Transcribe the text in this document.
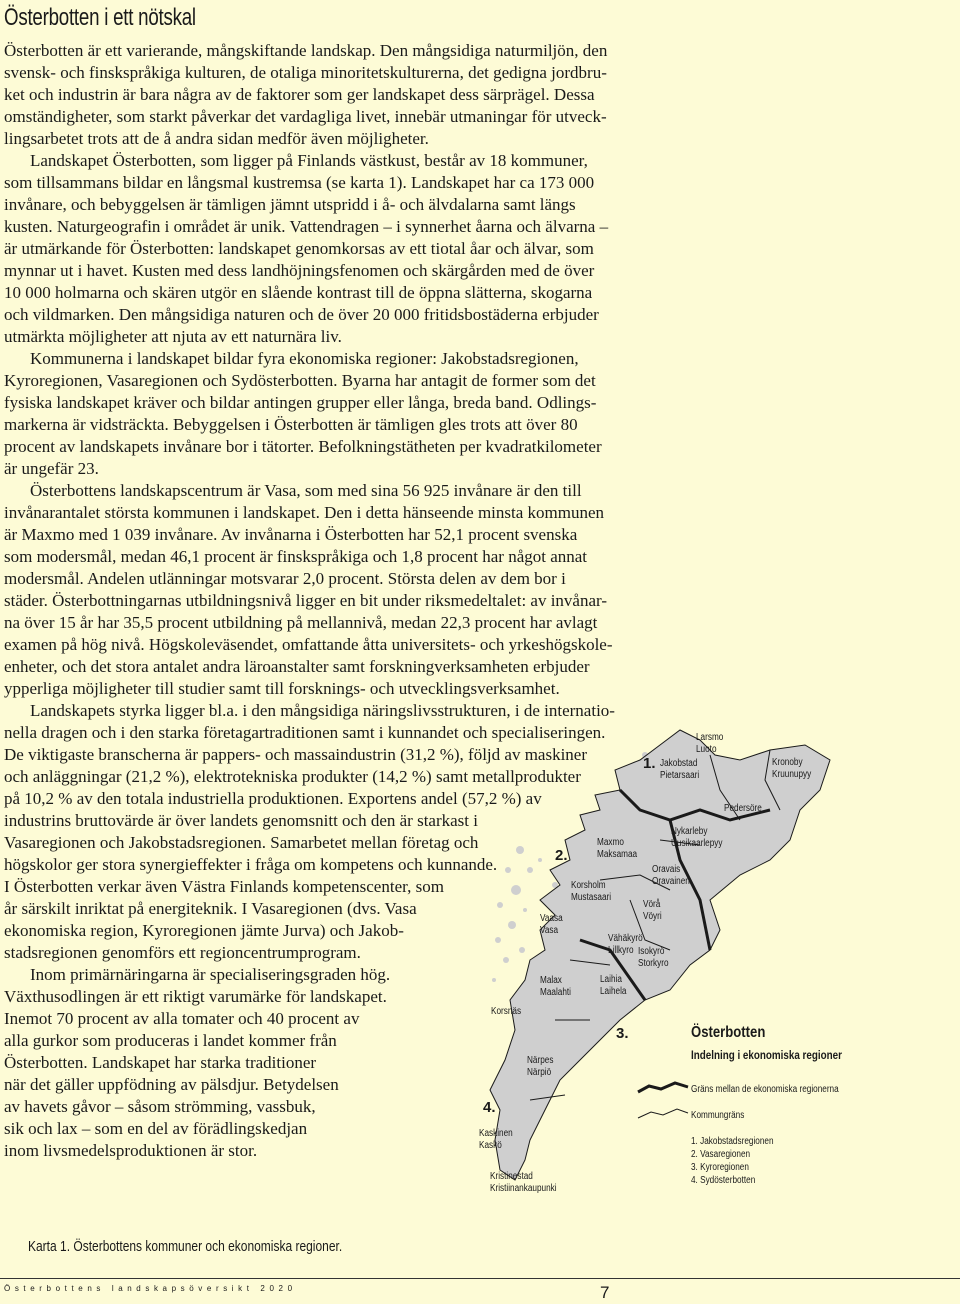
Österbotten i ett nötskal

Österbotten är ett varierande, mångskiftande landskap. Den mångsidiga naturmiljön, den
svensk- och finskspråkiga kulturen, de otaliga minoritetskulturerna, det gedigna jordbru-
ket och industrin är bara några av de faktorer som ger landskapet dess särprägel. Dessa
omständigheter, som starkt påverkar det vardagliga livet, innebär utmaningar för utveck-
lingsarbetet trots att de å andra sidan medför även möjligheter.

Landskapet Österbotten, som ligger på Finlands västkust, består av 18 kommuner,
som tillsammans bildar en långsmal kustremsa (se karta 1). Landskapet har ca 173 000
invånare, och bebyggelsen är tämligen jämnt utspridd i å- och älvdalarna samt längs
kusten. Naturgeografin i området är unik. Vattendragen – i synnerhet åarna och älvarna –
är utmärkande för Österbotten: landskapet genomkorsas av ett tiotal åar och älvar, som
mynnar ut i havet. Kusten med dess landhöjningsfenomen och skärgården med de över
10 000 holmarna och skären utgör en slående kontrast till de öppna slätterna, skogarna
och vildmarken. Den mångsidiga naturen och de över 20 000 fritidsbostäderna erbjuder
utmärkta möjligheter att njuta av ett naturnära liv.

Kommunerna i landskapet bildar fyra ekonomiska regioner: Jakobstadsregionen,
Kyroregionen, Vasaregionen och Sydösterbotten. Byarna har antagit de former som det
fysiska landskapet kräver och bildar antingen grupper eller långa, breda band. Odlings-
markerna är vidsträckta. Bebyggelsen i Österbotten är tämligen gles trots att över 80
procent av landskapets invånare bor i tätorter. Befolkningstätheten per kvadratkilometer
är ungefär 23.

Österbottens landskapscentrum är Vasa, som med sina 56 925 invånare är den till
invånarantalet största kommunen i landskapet. Den i detta hänseende minsta kommunen
är Maxmo med 1 039 invånare. Av invånarna i Österbotten har 52,1 procent svenska
som modersmål, medan 46,1 procent är finskspråkiga och 1,8 procent har något annat
modersmål. Andelen utlänningar motsvarar 2,0 procent. Största delen av dem bor i
städer. Österbottningarnas utbildningsnivå ligger en bit under riksmedeltalet: av invånar-
na över 15 år har 35,5 procent utbildning på mellannivå, medan 22,3 procent har avlagt
examen på hög nivå. Högskoleväsendet, omfattande åtta universitets- och yrkeshögskole-
enheter, och det stora antalet andra läroanstalter samt forskningverksamheten erbjuder
ypperliga möjligheter till studier samt till forsknings- och utvecklingsverksamhet.

Landskapets styrka ligger bl.a. i den mångsidiga näringslivsstrukturen, i de internatio-
nella dragen och i den starka företagartraditionen samt i kunnandet och specialiseringen.
De viktigaste branscherna är pappers- och massaindustrin (31,2 %), följd av maskiner
och anläggningar (21,2 %), elektrotekniska produkter (14,2 %) samt metallprodukter
på 10,2 % av den totala industriella produktionen. Exportens andel (57,2 %) av
industrins bruttovärde är över landets genomsnitt och den är starkast i
Vasaregionen och Jakobstadsregionen. Samarbetet mellan företag och
högskolor ger stora synergieffekter i fråga om kompetens och kunnande.
I Österbotten verkar även Västra Finlands kompetenscenter, som
år särskilt inriktat på energiteknik. I Vasaregionen (dvs. Vasa
ekonomiska region, Kyroregionen jämte Jurva) och Jakob-
stadsregionen genomförs ett regioncentrumprogram.

Inom primärnäringarna är specialiseringsgraden hög.
Växthusodlingen är ett riktigt varumärke för landskapet.
Inemot 70 procent av alla tomater och 40 procent av
alla gurkor som produceras i landet kommer från
Österbotten. Landskapet har starka traditioner
när det gäller uppfödning av pälsdjur. Betydelsen
av havets gåvor – såsom strömming, vassbuk,
sik och lax – som en del av förädlingskedjan
inom livsmedelsproduktionen är stor.

1.
2.
3.
4.
Larsmo
Luoto
Jakobstad
Pietarsaari
Kronoby
Kruunupyy
Pedersöre
Nykarleby
Uusikaarlepyy
Maxmo
Maksamaa
Oravais
Oravainen
Korsholm
Mustasaari
Vörå
Vöyri
Vaasa
Vasa
Vähäkyrö
Lillkyro Isokyrö
Storkyro
Malax
Maalahti
Laihia
Laihela
Korsnäs
Närpes
Närpiö
Kaskinen
Kaskö
Kristinestad
Kristiinankaupunki
Österbotten
Indelning i ekonomiska regioner
Gräns mellan de ekonomiska regionerna
Kommungräns
1. Jakobstadsregionen
2. Vasaregionen
3. Kyroregionen
4. Sydösterbotten
Karta 1. Österbottens kommuner och ekonomiska regioner.
Österbottens landskapsöversikt 2020	7
